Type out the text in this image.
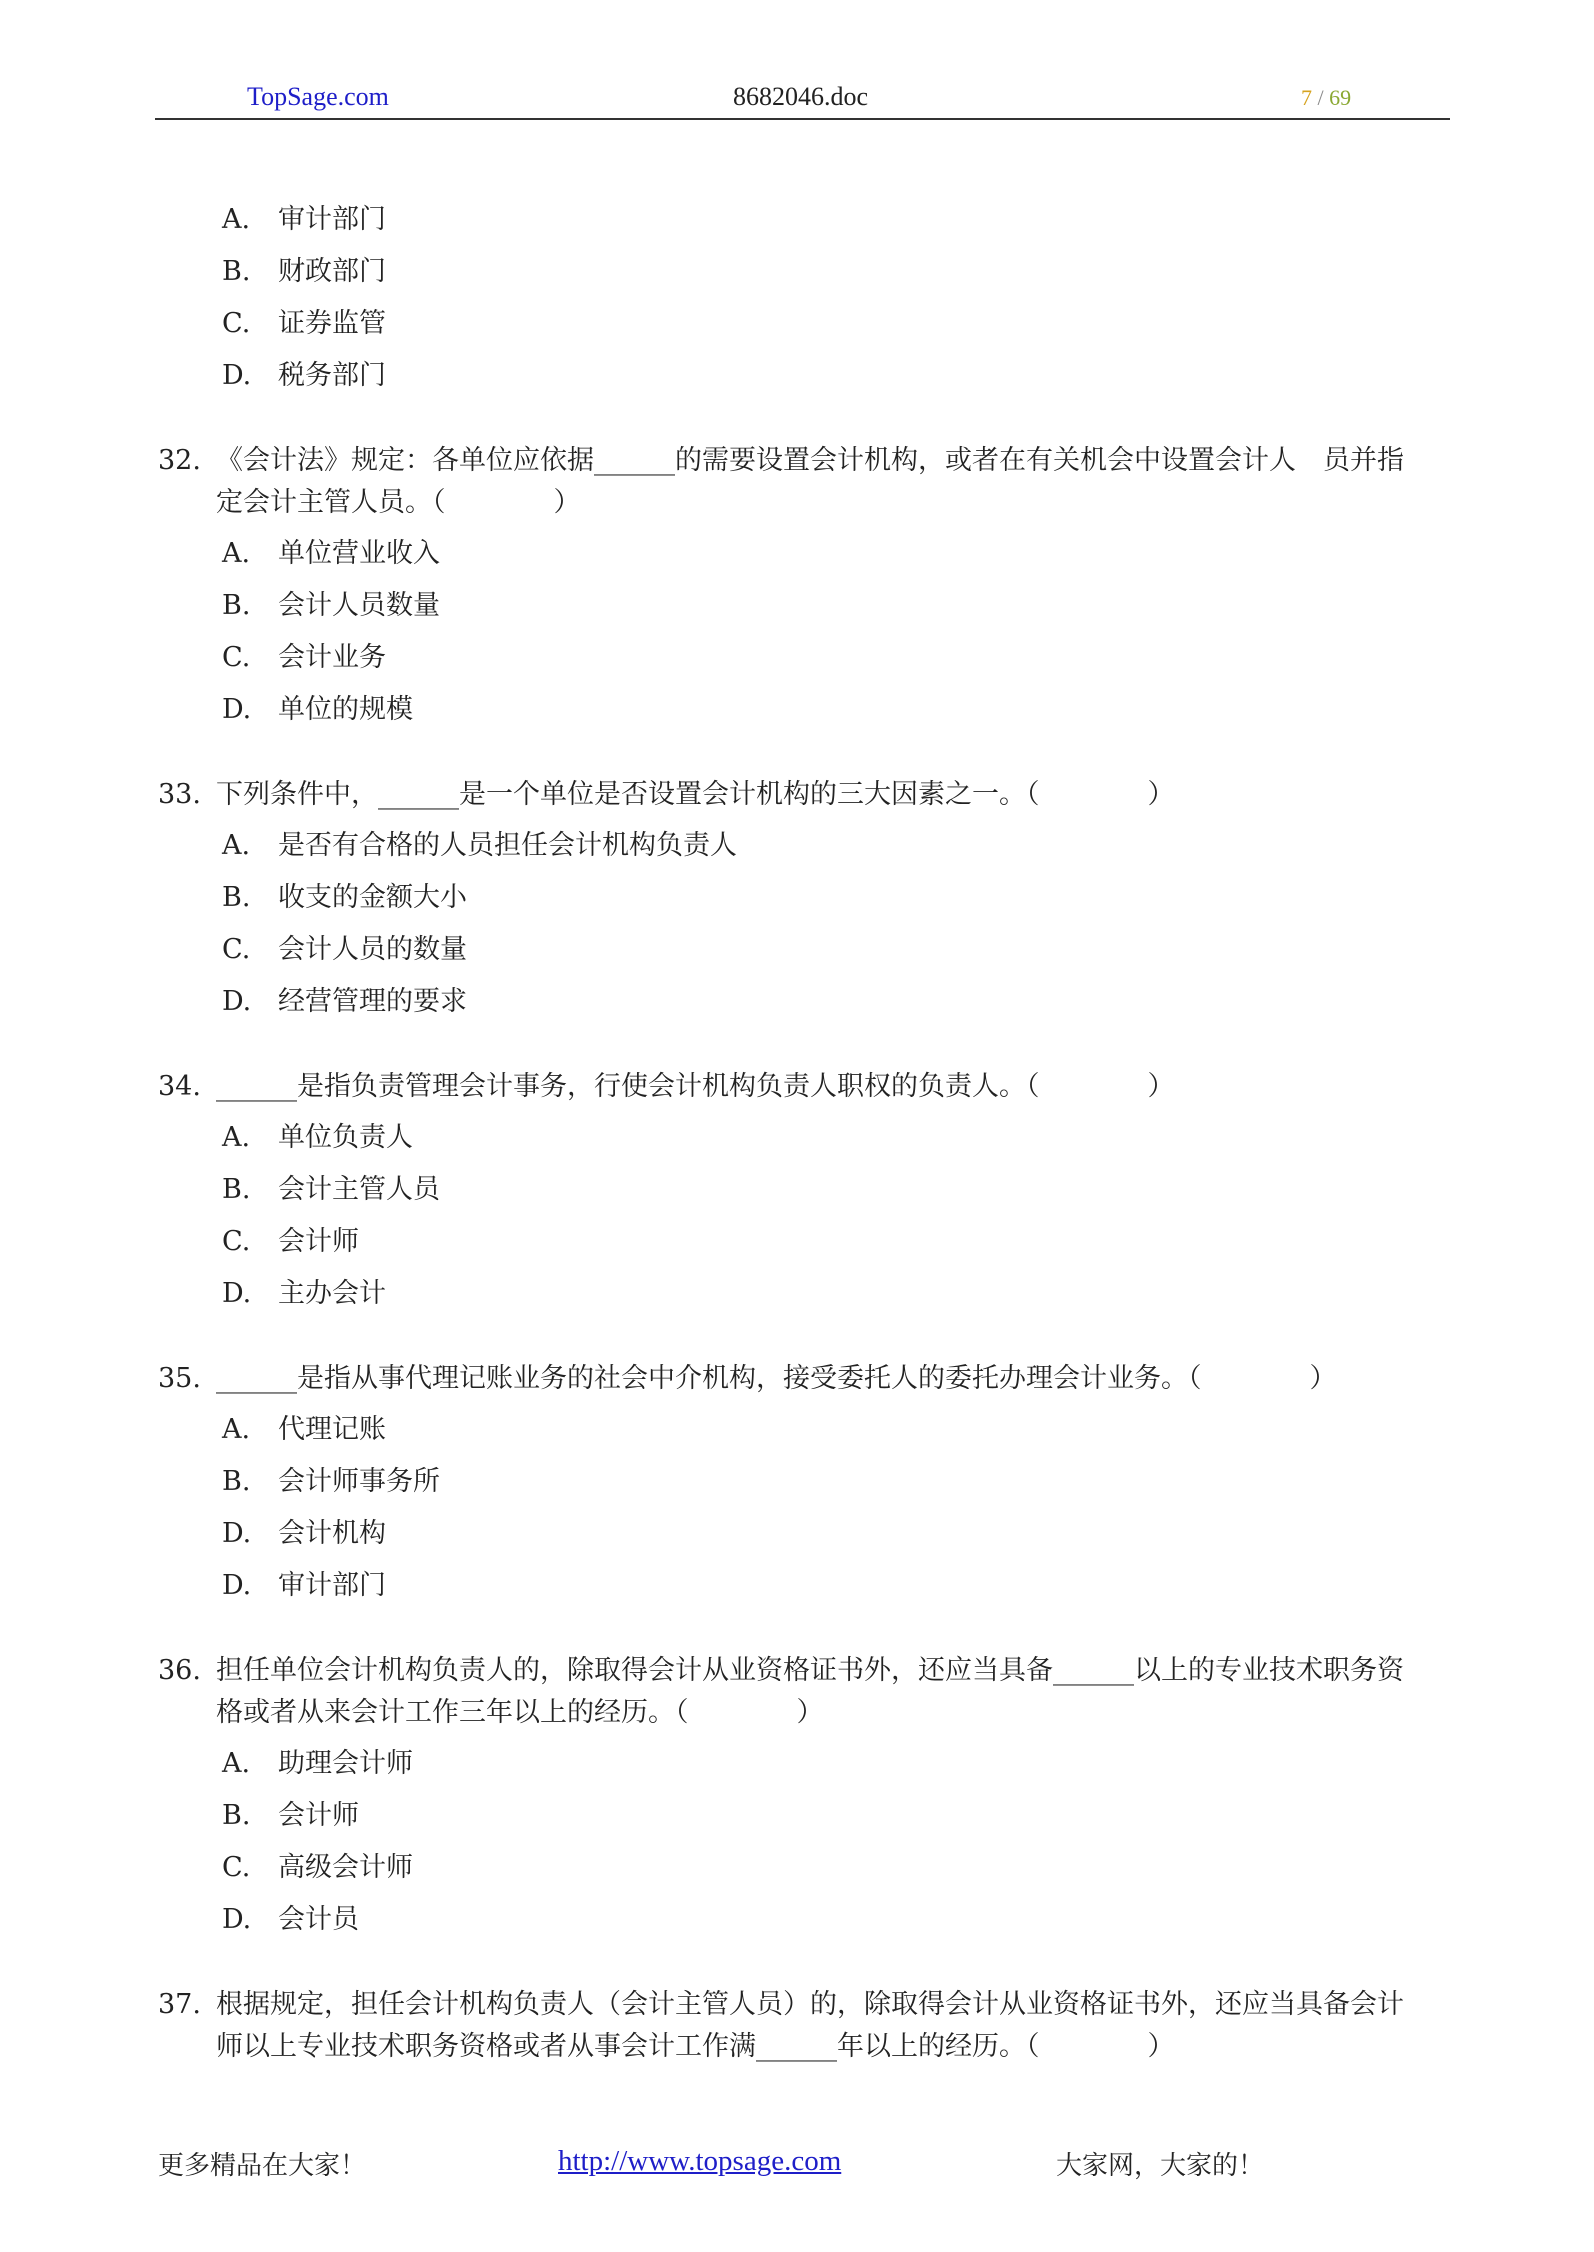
TopSage.com	8682046.doc	7 / 69
A. 审计部门
B. 财政部门
C. 证券监管
D. 税务部门
32. 《会计法》规定：各单位应依据______的需要设置会计机构，或者在有关机会中设置会计人　员并指定会计主管人员。（　　　　）
A. 单位营业收入
B. 会计人员数量
C. 会计业务
D. 单位的规模
33. 下列条件中，______是一个单位是否设置会计机构的三大因素之一。（　　　　）
A. 是否有合格的人员担任会计机构负责人
B. 收支的金额大小
C. 会计人员的数量
D. 经营管理的要求
34. ______是指负责管理会计事务，行使会计机构负责人职权的负责人。（　　　　）
A. 单位负责人
B. 会计主管人员
C. 会计师
D. 主办会计
35. ______是指从事代理记账业务的社会中介机构，接受委托人的委托办理会计业务。（　　　　）
A. 代理记账
B. 会计师事务所
D. 会计机构
D. 审计部门
36. 担任单位会计机构负责人的，除取得会计从业资格证书外，还应当具备______以上的专业技术职务资格或者从来会计工作三年以上的经历。（　　　　）
A. 助理会计师
B. 会计师
C. 高级会计师
D. 会计员
37. 根据规定，担任会计机构负责人（会计主管人员）的，除取得会计从业资格证书外，还应当具备会计师以上专业技术职务资格或者从事会计工作满______年以上的经历。（　　　　）
更多精品在大家！	http://www.topsage.com	大家网，大家的！
